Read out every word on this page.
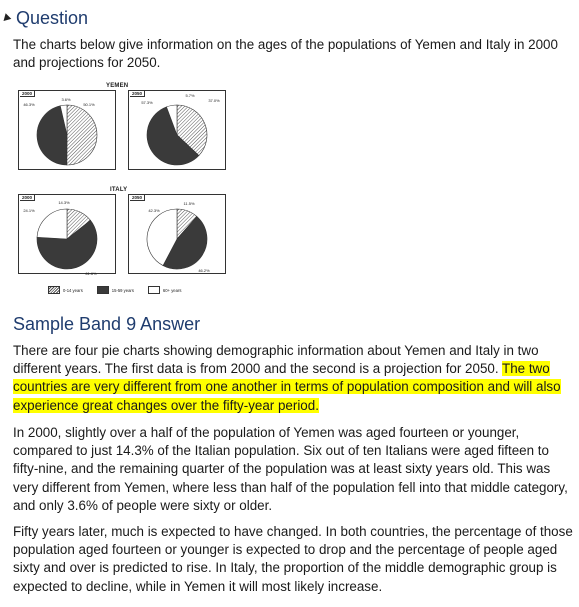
Question
The charts below give information on the ages of the populations of Yemen and Italy in 2000 and projections for 2050.
YEMEN
ITALY
2000
50.1%
46.3%
3.6%
2050
37.0%
57.3%
5.7%
2000
14.3%
61.6%
24.1%
2050
11.5%
46.2%
42.3%
0-14 years	15-59 years	60+ years
Sample Band 9 Answer
There are four pie charts showing demographic information about Yemen and Italy in two different years. The first data is from 2000 and the second is a projection for 2050. The two countries are very different from one another in terms of population composition and will also experience great changes over the fifty-year period.
In 2000, slightly over a half of the population of Yemen was aged fourteen or younger, compared to just 14.3% of the Italian population. Six out of ten Italians were aged fifteen to fifty-nine, and the remaining quarter of the population was at least sixty years old. This was very different from Yemen, where less than half of the population fell into that middle category, and only 3.6% of people were sixty or older.
Fifty years later, much is expected to have changed. In both countries, the percentage of those population aged fourteen or younger is expected to drop and the percentage of people aged sixty and over is predicted to rise. In Italy, the proportion of the middle demographic group is expected to decline, while in Yemen it will most likely increase.
